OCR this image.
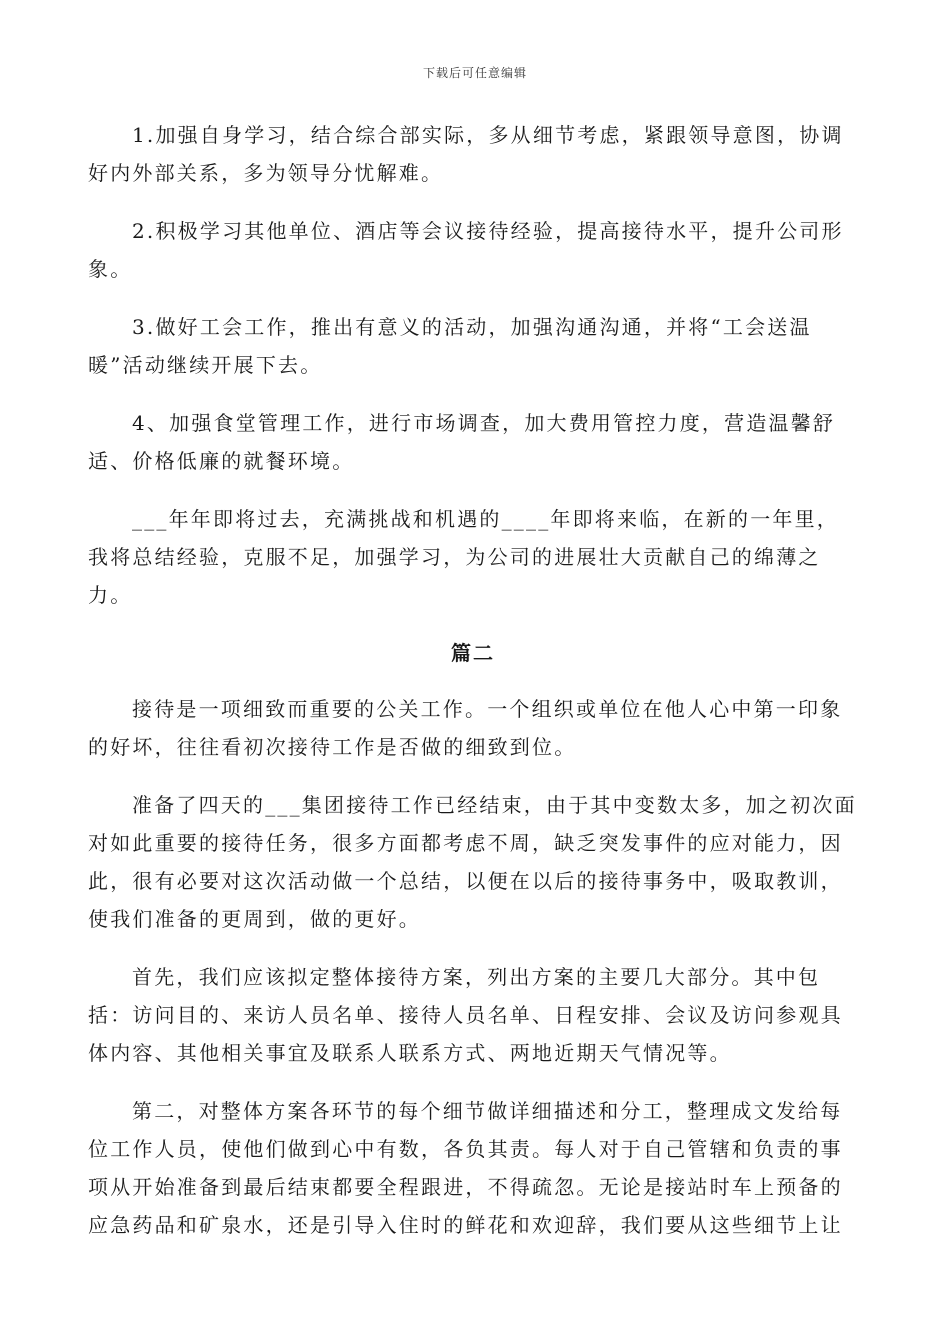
下载后可任意编辑

1.加强自身学习，结合综合部实际，多从细节考虑，紧跟领导意图，协调好内外部关系，多为领导分忧解难。

2.积极学习其他单位、酒店等会议接待经验，提高接待水平，提升公司形象。

3.做好工会工作，推出有意义的活动，加强沟通沟通，并将“工会送温暖”活动继续开展下去。

4、加强食堂管理工作，进行市场调查，加大费用管控力度，营造温馨舒适、价格低廉的就餐环境。

___年年即将过去，充满挑战和机遇的____年即将来临，在新的一年里，我将总结经验，克服不足，加强学习，为公司的进展壮大贡献自己的绵薄之力。

篇二

接待是一项细致而重要的公关工作。一个组织或单位在他人心中第一印象的好坏，往往看初次接待工作是否做的细致到位。

准备了四天的___集团接待工作已经结束，由于其中变数太多，加之初次面对如此重要的接待任务，很多方面都考虑不周，缺乏突发事件的应对能力，因此，很有必要对这次活动做一个总结，以便在以后的接待事务中，吸取教训，使我们准备的更周到，做的更好。

首先，我们应该拟定整体接待方案，列出方案的主要几大部分。其中包括：访问目的、来访人员名单、接待人员名单、日程安排、会议及访问参观具体内容、其他相关事宜及联系人联系方式、两地近期天气情况等。

第二，对整体方案各环节的每个细节做详细描述和分工，整理成文发给每位工作人员，使他们做到心中有数，各负其责。每人对于自己管辖和负责的事项从开始准备到最后结束都要全程跟进，不得疏忽。无论是接站时车上预备的应急药品和矿泉水，还是引导入住时的鲜花和欢迎辞，我们要从这些细节上让
